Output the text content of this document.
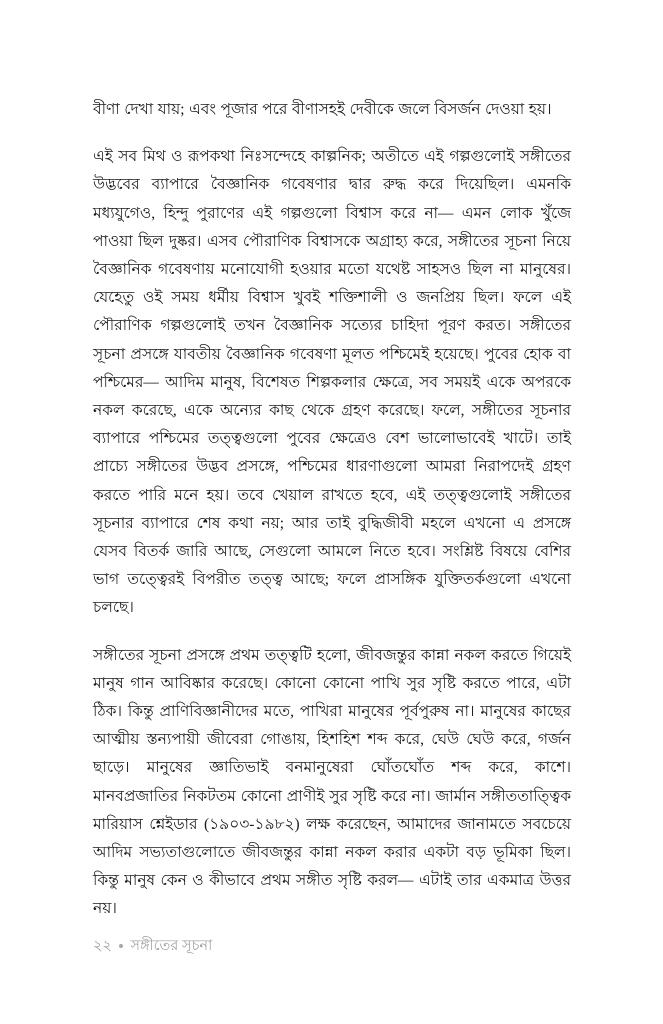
বীণা দেখা যায়; এবং পূজার পরে বীণাসহই দেবীকে জলে বিসর্জন দেওয়া হয়।

এই সব মিথ ও রূপকথা নিঃসন্দেহে কাল্পনিক; অতীতে এই গল্পগুলোই সঙ্গীতের উদ্ভবের ব্যাপারে বৈজ্ঞানিক গবেষণার দ্বার রুদ্ধ করে দিয়েছিল। এমনকি মধ্যযুগেও, হিন্দু পুরাণের এই গল্পগুলো বিশ্বাস করে না— এমন লোক খুঁজে পাওয়া ছিল দুষ্কর। এসব পৌরাণিক বিশ্বাসকে অগ্রাহ্য করে, সঙ্গীতের সূচনা নিয়ে বৈজ্ঞানিক গবেষণায় মনোযোগী হওয়ার মতো যথেষ্ট সাহসও ছিল না মানুষের। যেহেতু ওই সময় ধর্মীয় বিশ্বাস খুবই শক্তিশালী ও জনপ্রিয় ছিল। ফলে এই পৌরাণিক গল্পগুলোই তখন বৈজ্ঞানিক সত্যের চাহিদা পূরণ করত। সঙ্গীতের সূচনা প্রসঙ্গে যাবতীয় বৈজ্ঞানিক গবেষণা মূলত পশ্চিমেই হয়েছে। পুবের হোক বা পশ্চিমের— আদিম মানুষ, বিশেষত শিল্পকলার ক্ষেত্রে, সব সময়ই একে অপরকে নকল করেছে, একে অন্যের কাছ থেকে গ্রহণ করেছে। ফলে, সঙ্গীতের সূচনার ব্যাপারে পশ্চিমের তত্ত্বগুলো পুবের ক্ষেত্রেও বেশ ভালোভাবেই খাটে। তাই প্রাচ্যে সঙ্গীতের উদ্ভব প্রসঙ্গে, পশ্চিমের ধারণাগুলো আমরা নিরাপদেই গ্রহণ করতে পারি মনে হয়। তবে খেয়াল রাখতে হবে, এই তত্ত্বগুলোই সঙ্গীতের সূচনার ব্যাপারে শেষ কথা নয়; আর তাই বুদ্ধিজীবী মহলে এখনো এ প্রসঙ্গে যেসব বিতর্ক জারি আছে, সেগুলো আমলে নিতে হবে। সংশ্লিষ্ট বিষয়ে বেশির ভাগ তত্ত্বেরই বিপরীত তত্ত্ব আছে; ফলে প্রাসঙ্গিক যুক্তিতর্কগুলো এখনো চলছে।

সঙ্গীতের সূচনা প্রসঙ্গে প্রথম তত্ত্বটি হলো, জীবজন্তুর কান্না নকল করতে গিয়েই মানুষ গান আবিষ্কার করেছে। কোনো কোনো পাখি সুর সৃষ্টি করতে পারে, এটা ঠিক। কিন্তু প্রাণিবিজ্ঞানীদের মতে, পাখিরা মানুষের পূর্বপুরুষ না। মানুষের কাছের আত্মীয় স্তন্যপায়ী জীবেরা গোঙায়, হিশহিশ শব্দ করে, ঘেউ ঘেউ করে, গর্জন ছাড়ে। মানুষের জ্ঞাতিভাই বনমানুষেরা ঘোঁতঘোঁত শব্দ করে, কাশে। মানবপ্রজাতির নিকটতম কোনো প্রাণীই সুর সৃষ্টি করে না। জার্মান সঙ্গীততাত্ত্বিক মারিয়াস শ্নেইডার (১৯০৩-১৯৮২) লক্ষ করেছেন, আমাদের জানামতে সবচেয়ে আদিম সভ্যতাগুলোতে জীবজন্তুর কান্না নকল করার একটা বড় ভূমিকা ছিল। কিন্তু মানুষ কেন ও কীভাবে প্রথম সঙ্গীত সৃষ্টি করল— এটাই তার একমাত্র উত্তর নয়।

২২ সঙ্গীতের সূচনা
